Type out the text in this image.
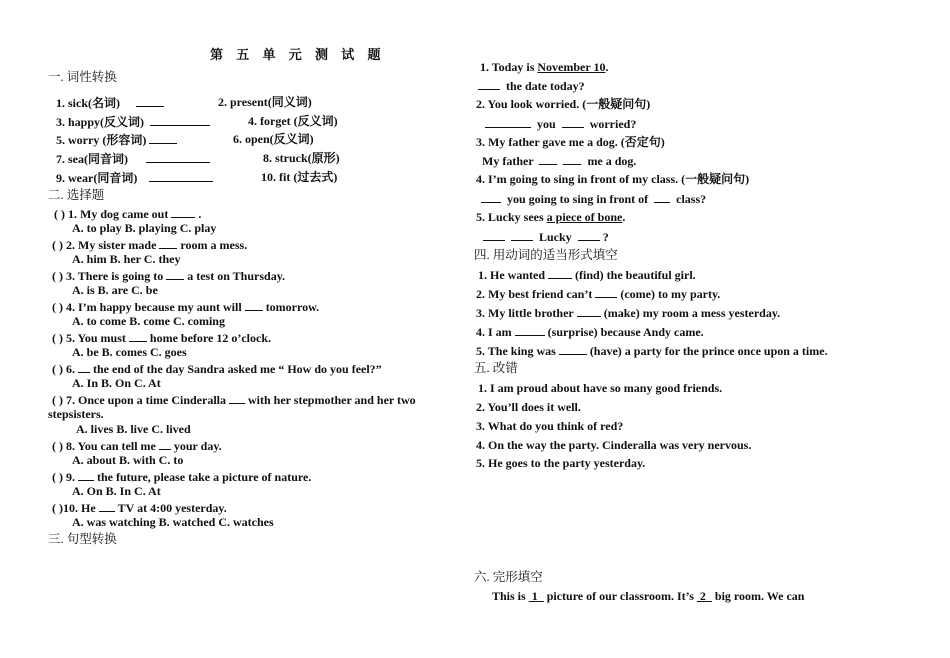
第 五 单 元 测 试 题
一. 词性转换
1. sick(名词)	2. present(同义词)
3. happy(反义词)	4. forget (反义词)
5. worry (形容词)	6. open(反义词)
7. sea(同音词)	8. struck(原形)
9. wear(同音词)	10. fit (过去式)
二. 选择题
( ) 1. My dog came out	.
A. to play B. playing C. play
( ) 2. My sister made room a mess.
A. him B. her C. they
( ) 3. There is going to a test on Thursday.
A. is B. are C. be
( ) 4. I’m happy because my aunt will tomorrow.
A. to come B. come C. coming
( ) 5. You must home before 12 o’clock.
A. be B. comes C. goes
( ) 6. the end of the day Sandra asked me “ How do you feel?”
A. In B. On C. At
( ) 7. Once upon a time Cinderalla with her stepmother and her two
stepsisters.
A. lives B. live C. lived
( ) 8. You can tell me your day.
A. about B. with C. to
( ) 9. the future, please take a picture of nature.
A. On B. In C. At
( )10. He TV at 4:00 yesterday.
A. was watching B. watched C. watches
三. 句型转换
1. Today is November 10.
the date today?
2. You look worried. (一般疑问句)
you  worried?
3. My father gave me a dog. (否定句)
My father	me a dog.
4. I’m going to sing in front of my class. (一般疑问句)
you going to sing in front of  class?
5. Lucky sees a piece of bone.
Lucky ?
四. 用动词的适当形式填空
1. He wanted	(find) the beautiful girl.
2. My best friend can’t (come) to my party.
3. My little brother	(make) my room a mess yesterday.
4. I am	(surprise) because Andy came.
5. The king was	(have) a party for the prince once upon a time.
五. 改错
1. I am proud about have so many good friends.
2. You’ll does it well.
3. What do you think of red?
4. On the way the party. Cinderalla was very nervous.
5. He goes to the party yesterday.
六. 完形填空
This is 1 picture of our classroom. It’s 2 big room. We can
